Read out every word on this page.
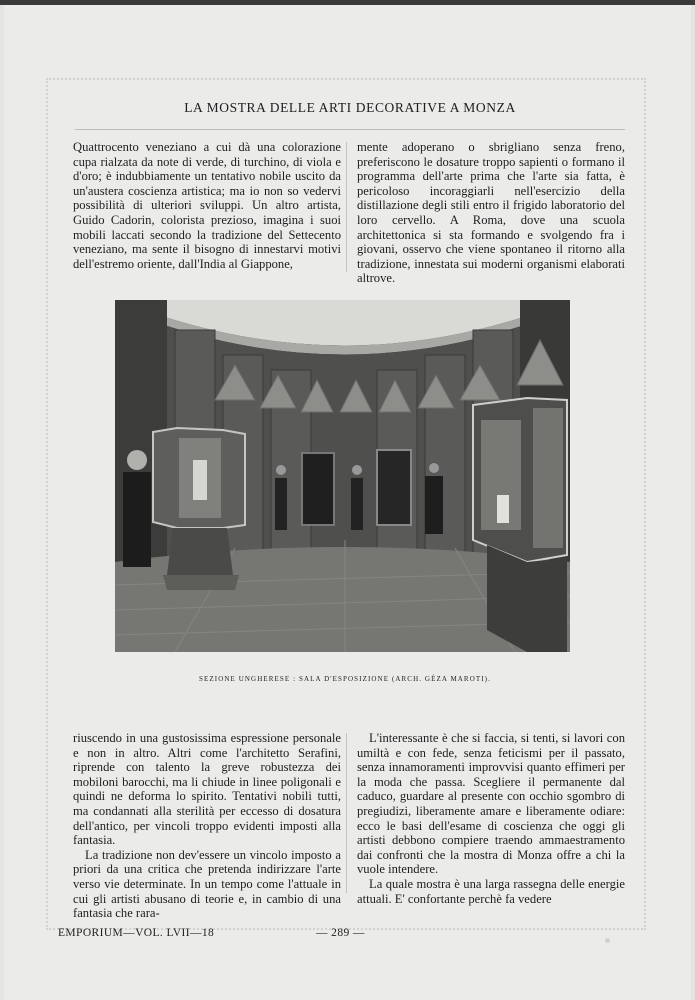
LA MOSTRA DELLE ARTI DECORATIVE A MONZA

Quattrocento veneziano a cui dà una colorazione cupa rialzata da note di verde, di turchino, di viola e d'oro; è indubbiamente un tentativo nobile uscito da un'austera coscienza artistica; ma io non so vedervi possibilità di ulteriori sviluppi. Un altro artista, Guido Cadorin, colorista prezioso, imagina i suoi mobili laccati secondo la tradizione del Settecento veneziano, ma sente il bisogno di innestarvi motivi dell'estremo oriente, dall'India al Giappone,

mente adoperano o sbrigliano senza freno, preferiscono le dosature troppo sapienti o formano il programma dell'arte prima che l'arte sia fatta, è pericoloso incoraggiarli nell'esercizio della distillazione degli stili entro il frigido laboratorio del loro cervello. A Roma, dove una scuola architettonica si sta formando e svolgendo fra i giovani, osservo che viene spontaneo il ritorno alla tradizione, innestata sui moderni organismi elaborati altrove.

SEZIONE UNGHERESE : SALA D'ESPOSIZIONE (ARCH. GÉZA MAROTI).

riuscendo in una gustosissima espressione personale e non in altro. Altri come l'architetto Serafini, riprende con talento la greve robustezza dei mobiloni barocchi, ma li chiude in linee poligonali e quindi ne deforma lo spirito. Tentativi nobili tutti, ma condannati alla sterilità per eccesso di dosatura dell'antico, per vincoli troppo evidenti imposti alla fantasia.

La tradizione non dev'essere un vincolo imposto a priori da una critica che pretenda indirizzare l'arte verso vie determinate. In un tempo come l'attuale in cui gli artisti abusano di teorie e, in cambio di una fantasia che rara-

L'interessante è che si faccia, si tenti, si lavori con umiltà e con fede, senza feticismi per il passato, senza innamoramenti improvvisi quanto effimeri per la moda che passa. Scegliere il permanente dal caduco, guardare al presente con occhio sgombro di pregiudizi, liberamente amare e liberamente odiare: ecco le basi dell'esame di coscienza che oggi gli artisti debbono compiere traendo ammaestramento dai confronti che la mostra di Monza offre a chi la vuole intendere.

La quale mostra è una larga rassegna delle energie attuali. E' confortante perchè fa vedere

EMPORIUM—VOL. LVII—18	— 289 —
